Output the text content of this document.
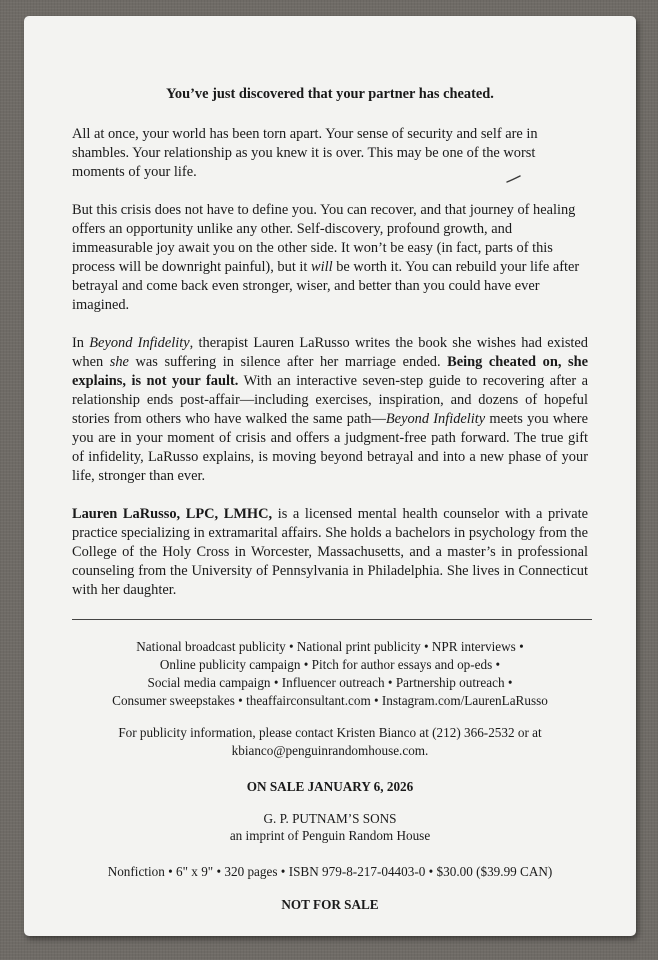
You’ve just discovered that your partner has cheated.

All at once, your world has been torn apart. Your sense of security and self are in shambles. Your relationship as you knew it is over. This may be one of the worst moments of your life.

But this crisis does not have to define you. You can recover, and that journey of healing offers an opportunity unlike any other. Self-discovery, profound growth, and immeasurable joy await you on the other side. It won’t be easy (in fact, parts of this process will be downright painful), but it will be worth it. You can rebuild your life after betrayal and come back even stronger, wiser, and better than you could have ever imagined.

In Beyond Infidelity, therapist Lauren LaRusso writes the book she wishes had existed when she was suffering in silence after her marriage ended. Being cheated on, she explains, is not your fault. With an interactive seven-step guide to recovering after a relationship ends post-affair—including exercises, inspiration, and dozens of hopeful stories from others who have walked the same path—Beyond Infidelity meets you where you are in your moment of crisis and offers a judgment-free path forward. The true gift of infidelity, LaRusso explains, is moving beyond betrayal and into a new phase of your life, stronger than ever.

Lauren LaRusso, LPC, LMHC, is a licensed mental health counselor with a private practice specializing in extramarital affairs. She holds a bachelors in psychology from the College of the Holy Cross in Worcester, Massachusetts, and a master’s in professional counseling from the University of Pennsylvania in Philadelphia. She lives in Connecticut with her daughter.

National broadcast publicity • National print publicity • NPR interviews •
Online publicity campaign • Pitch for author essays and op-eds •
Social media campaign • Influencer outreach • Partnership outreach •
Consumer sweepstakes • theaffairconsultant.com • Instagram.com/LaurenLaRusso
For publicity information, please contact Kristen Bianco at (212) 366-2532 or at
kbianco@penguinrandomhouse.com.
ON SALE JANUARY 6, 2026
G. P. PUTNAM’S SONS
an imprint of Penguin Random House
Nonfiction • 6" x 9" • 320 pages • ISBN 979-8-217-04403-0 • $30.00 ($39.99 CAN)
NOT FOR SALE
